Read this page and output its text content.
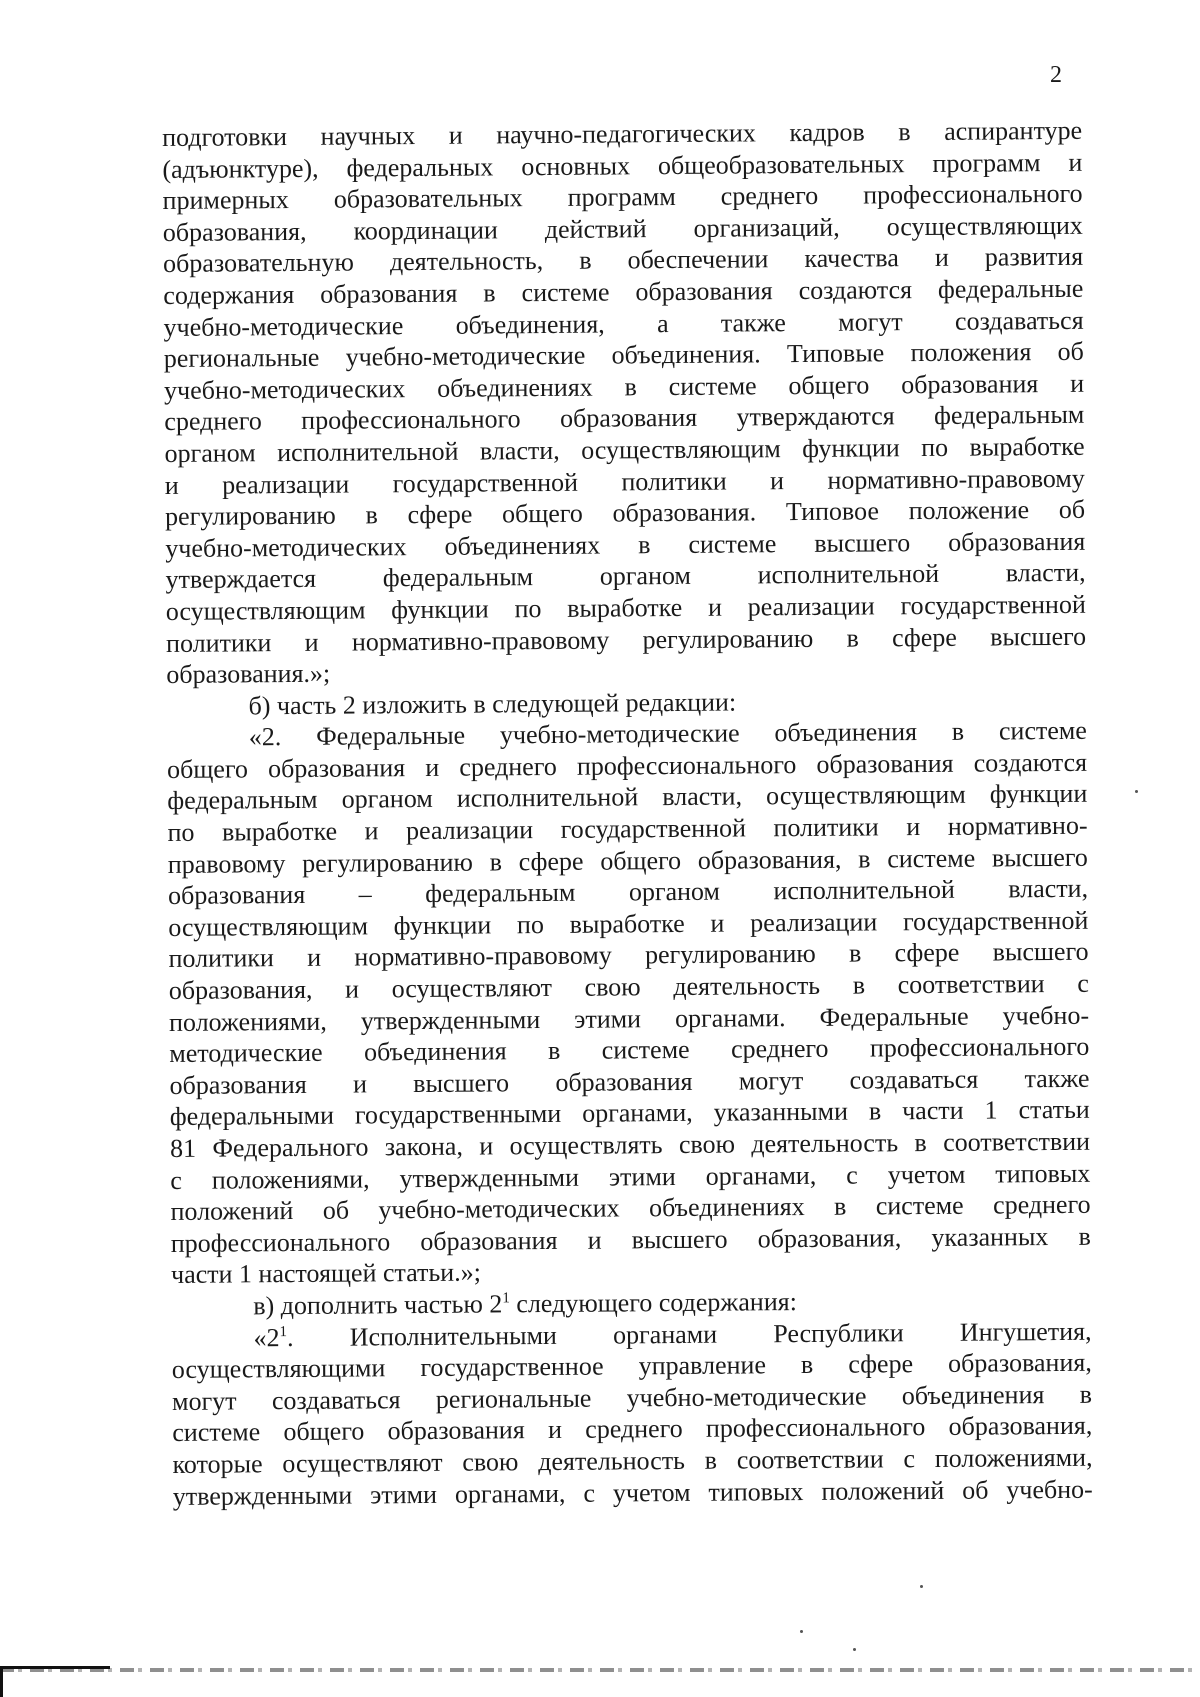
2
подготовки научных и научно-педагогических кадров в аспирантуре
(адъюнктуре), федеральных основных общеобразовательных программ и
примерных образовательных программ среднего профессионального
образования, координации действий организаций, осуществляющих
образовательную деятельность, в обеспечении качества и развития
содержания образования в системе образования создаются федеральные
учебно-методические объединения, а также могут создаваться
региональные учебно-методические объединения. Типовые положения об
учебно-методических объединениях в системе общего образования и
среднего профессионального образования утверждаются федеральным
органом исполнительной власти, осуществляющим функции по выработке
и реализации государственной политики и нормативно-правовому
регулированию в сфере общего образования. Типовое положение об
учебно-методических объединениях в системе высшего образования
утверждается федеральным органом исполнительной власти,
осуществляющим функции по выработке и реализации государственной
политики и нормативно-правовому регулированию в сфере высшего
образования.»;
б) часть 2 изложить в следующей редакции:
«2. Федеральные учебно-методические объединения в системе
общего образования и среднего профессионального образования создаются
федеральным органом исполнительной власти, осуществляющим функции
по выработке и реализации государственной политики и нормативно-
правовому регулированию в сфере общего образования, в системе высшего
образования – федеральным органом исполнительной власти,
осуществляющим функции по выработке и реализации государственной
политики и нормативно-правовому регулированию в сфере высшего
образования, и осуществляют свою деятельность в соответствии с
положениями, утвержденными этими органами. Федеральные учебно-
методические объединения в системе среднего профессионального
образования и высшего образования могут создаваться также
федеральными государственными органами, указанными в части 1 статьи
81 Федерального закона, и осуществлять свою деятельность в соответствии
с положениями, утвержденными этими органами, с учетом типовых
положений об учебно-методических объединениях в системе среднего
профессионального образования и высшего образования, указанных в
части 1 настоящей статьи.»;
в) дополнить частью $2^1$ следующего содержания:
«$2^1$. Исполнительными органами Республики Ингушетия,
осуществляющими государственное управление в сфере образования,
могут создаваться региональные учебно-методические объединения в
системе общего образования и среднего профессионального образования,
которые осуществляют свою деятельность в соответствии с положениями,
утвержденными этими органами, с учетом типовых положений об учебно-
